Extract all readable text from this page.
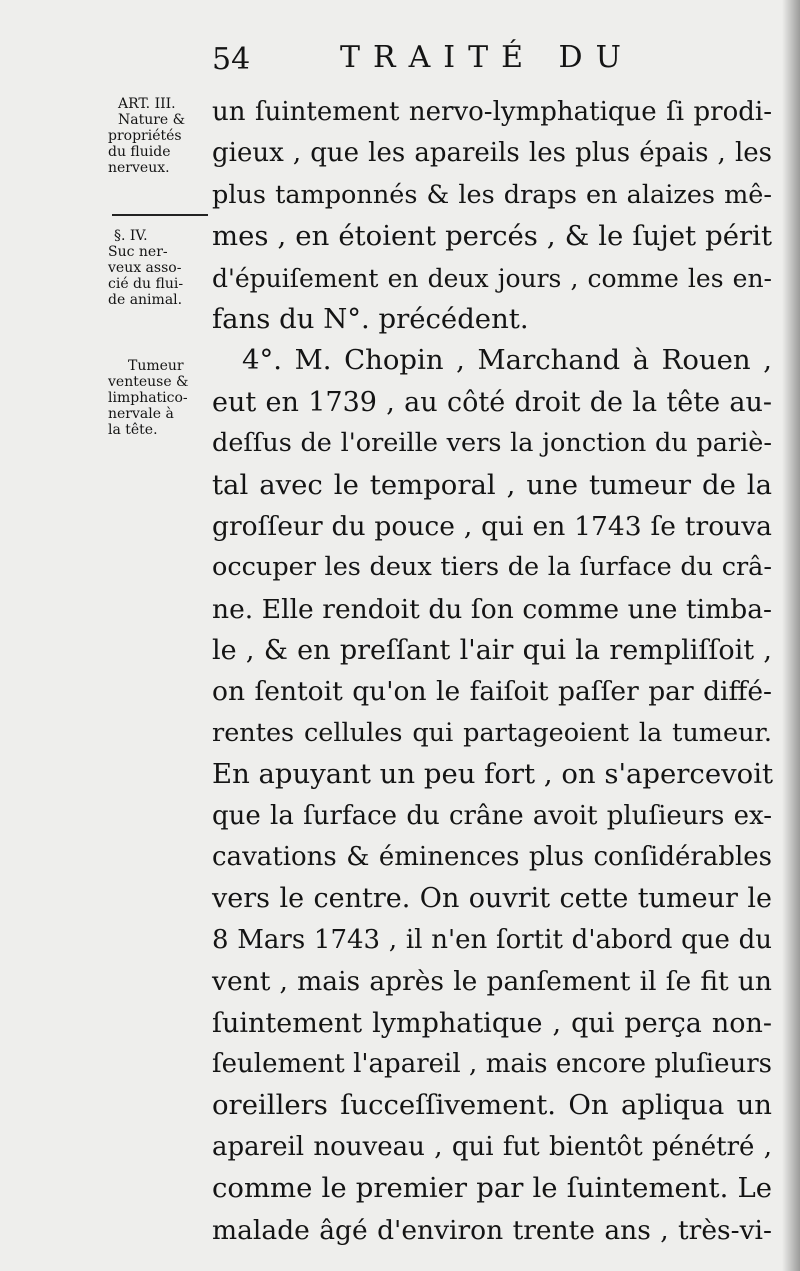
54	TRAITÉ DU
ART. III.
Nature &
propriétés
du fluide
nerveux.
§. IV.
Suc ner-
veux asso-
cié du flui-
de animal.
Tumeur
venteuse &
limphatico-
nervale à
la tête.
un ſuintement nervo-lymphatique ſi prodi-
gieux , que les apareils les plus épais , les
plus tamponnés & les draps en alaizes mê-
mes , en étoient percés , & le ſujet périt
d'épuiſement en deux jours , comme les en-
fans du N°. précédent.
4°. M. Chopin , Marchand à Rouen ,
eut en 1739 , au côté droit de la tête au-
deſſus de l'oreille vers la jonction du pariè-
tal avec le temporal , une tumeur de la
groſſeur du pouce , qui en 1743 ſe trouva
occuper les deux tiers de la ſurface du crâ-
ne. Elle rendoit du ſon comme une timba-
le , & en preſſant l'air qui la rempliſſoit ,
on ſentoit qu'on le faiſoit paſſer par diffé-
rentes cellules qui partageoient la tumeur.
En apuyant un peu fort , on s'apercevoit
que la ſurface du crâne avoit pluſieurs ex-
cavations & éminences plus conſidérables
vers le centre. On ouvrit cette tumeur le
8 Mars 1743 , il n'en ſortit d'abord que du
vent , mais après le panſement il ſe fit un
ſuintement lymphatique , qui perça non-
ſeulement l'apareil , mais encore pluſieurs
oreillers ſucceſſivement. On apliqua un
apareil nouveau , qui fut bientôt pénétré ,
comme le premier par le ſuintement. Le
malade âgé d'environ trente ans , très-vi-
